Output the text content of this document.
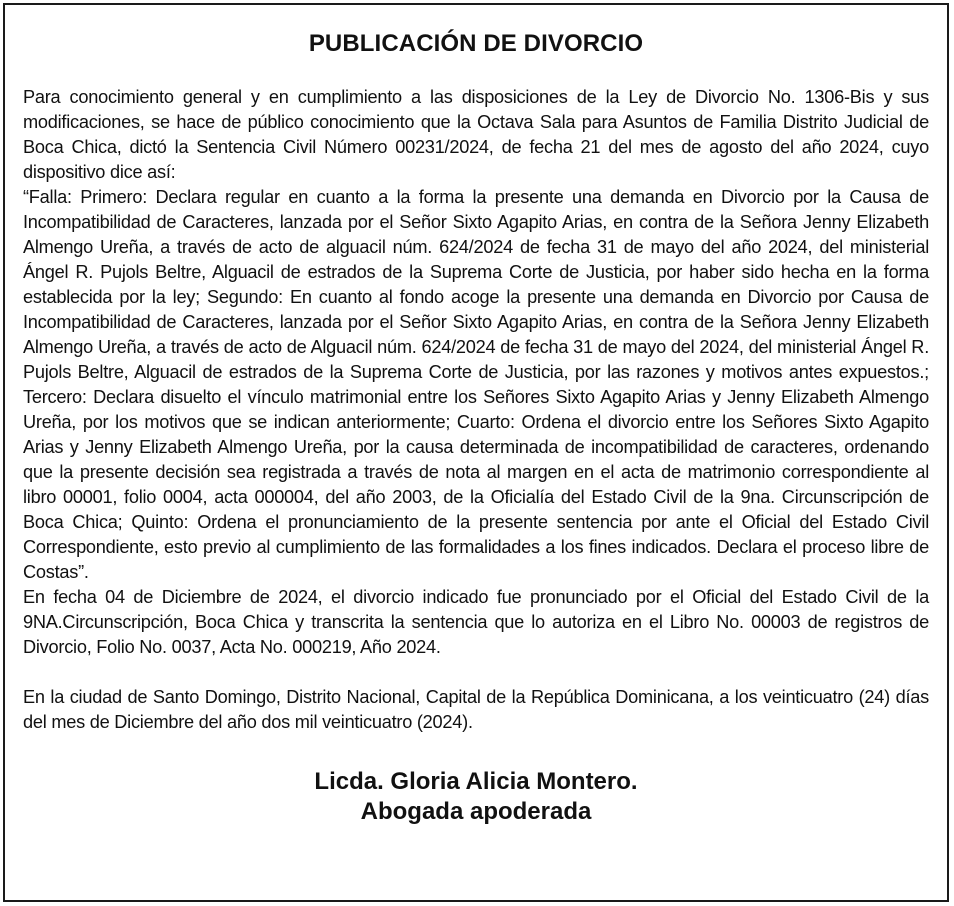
PUBLICACIÓN DE DIVORCIO

Para conocimiento general y en cumplimiento a las disposiciones de la Ley de Divorcio No. 1306-Bis y sus modificaciones, se hace de público conocimiento que la Octava Sala para Asuntos de Familia Distrito Judicial de Boca Chica, dictó la Sentencia Civil Número 00231/2024, de fecha 21 del mes de agosto del año 2024, cuyo dispositivo dice así:

“Falla: Primero: Declara regular en cuanto a la forma la presente una demanda en Divorcio por la Causa de Incompatibilidad de Caracteres, lanzada por el Señor Sixto Agapito Arias, en contra de la Señora Jenny Elizabeth Almengo Ureña, a través de acto de alguacil núm. 624/2024 de fecha 31 de mayo del año 2024, del ministerial Ángel R. Pujols Beltre, Alguacil de estrados de la Suprema Corte de Justicia, por haber sido hecha en la forma establecida por la ley; Segundo: En cuanto al fondo acoge la presente una demanda en Divorcio por Causa de Incompatibilidad de Caracteres, lanzada por el Señor Sixto Agapito Arias, en contra de la Señora Jenny Elizabeth Almengo Ureña, a través de acto de Alguacil núm. 624/2024 de fecha 31 de mayo del 2024, del ministerial Ángel R. Pujols Beltre, Alguacil de estrados de la Suprema Corte de Justicia, por las razones y motivos antes expuestos.; Tercero: Declara disuelto el vínculo matrimonial entre los Señores Sixto Agapito Arias y Jenny Elizabeth Almengo Ureña, por los motivos que se indican anteriormente; Cuarto: Ordena el divorcio entre los Señores Sixto Agapito Arias y Jenny Elizabeth Almengo Ureña, por la causa determinada de incompatibilidad de caracteres, ordenando que la presente decisión sea registrada a través de nota al margen en el acta de matrimonio correspondiente al libro 00001, folio 0004, acta 000004, del año 2003, de la Oficialía del Estado Civil de la 9na. Circunscripción de Boca Chica; Quinto: Ordena el pronunciamiento de la presente sentencia por ante el Oficial del Estado Civil Correspondiente, esto previo al cumplimiento de las formalidades a los fines indicados. Declara el proceso libre de Costas”.

En fecha 04 de Diciembre de 2024, el divorcio indicado fue pronunciado por el Oficial del Estado Civil de la 9NA.Circunscripción, Boca Chica y transcrita la sentencia que lo autoriza en el Libro No. 00003 de registros de Divorcio, Folio No. 0037, Acta No. 000219, Año 2024.

En la ciudad de Santo Domingo, Distrito Nacional, Capital de la República Dominicana, a los veinticuatro (24) días del mes de Diciembre del año dos mil veinticuatro (2024).

Licda. Gloria Alicia Montero.
Abogada apoderada
